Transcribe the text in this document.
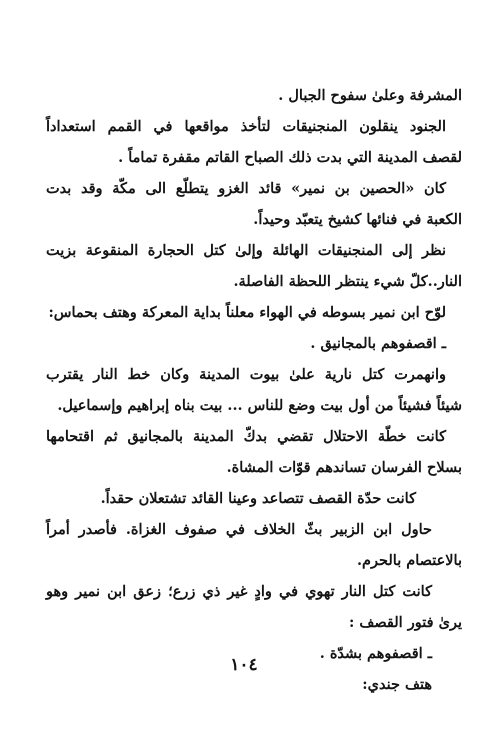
المشرفة وعلىٰ سفوح الجبال .
الجنود ينقلون المنجنيقات لتأخذ مواقعها في القمم استعداداً
لقصف المدينة التي بدت ذلك الصباح القاتم مقفرة تماماً .
كان «الحصين بن نمير» قائد الغزو يتطلّع الى مكّة وقد بدت
الكعبة في فنائها كشيخ يتعبّد وحيداً.
نظر إلى المنجنيقات الهائلة وإلىٰ كتل الحجارة المنقوعة بزيت
النار..كلّ شيء ينتظر اللحظة الفاصلة.
لوّح ابن نمير بسوطه في الهواء معلناً بداية المعركة وهتف بحماس:
ـ اقصفوهم بالمجانيق .
وانهمرت كتل نارية علىٰ بيوت المدينة وكان خط النار يقترب
شيئاً فشيئاً من أول بيت وضع للناس ... بيت بناه إبراهيم وإسماعيل.
كانت خطّة الاحتلال تقضي بدكّ المدينة بالمجانيق ثم اقتحامها
بسلاح الفرسان تساندهم قوّات المشاة.
كانت حدّة القصف تتصاعد وعينا القائد تشتعلان حقداً.
حاول ابن الزبير بثّ الخلاف في صفوف الغزاة. فأصدر أمراً
بالاعتصام بالحرم.
كانت كتل النار تهوي في وادٍ غير ذي زرع؛ زعق ابن نمير وهو
يرىٰ فتور القصف :
ـ اقصفوهم بشدّة .
هتف جندي:
١٠٤
